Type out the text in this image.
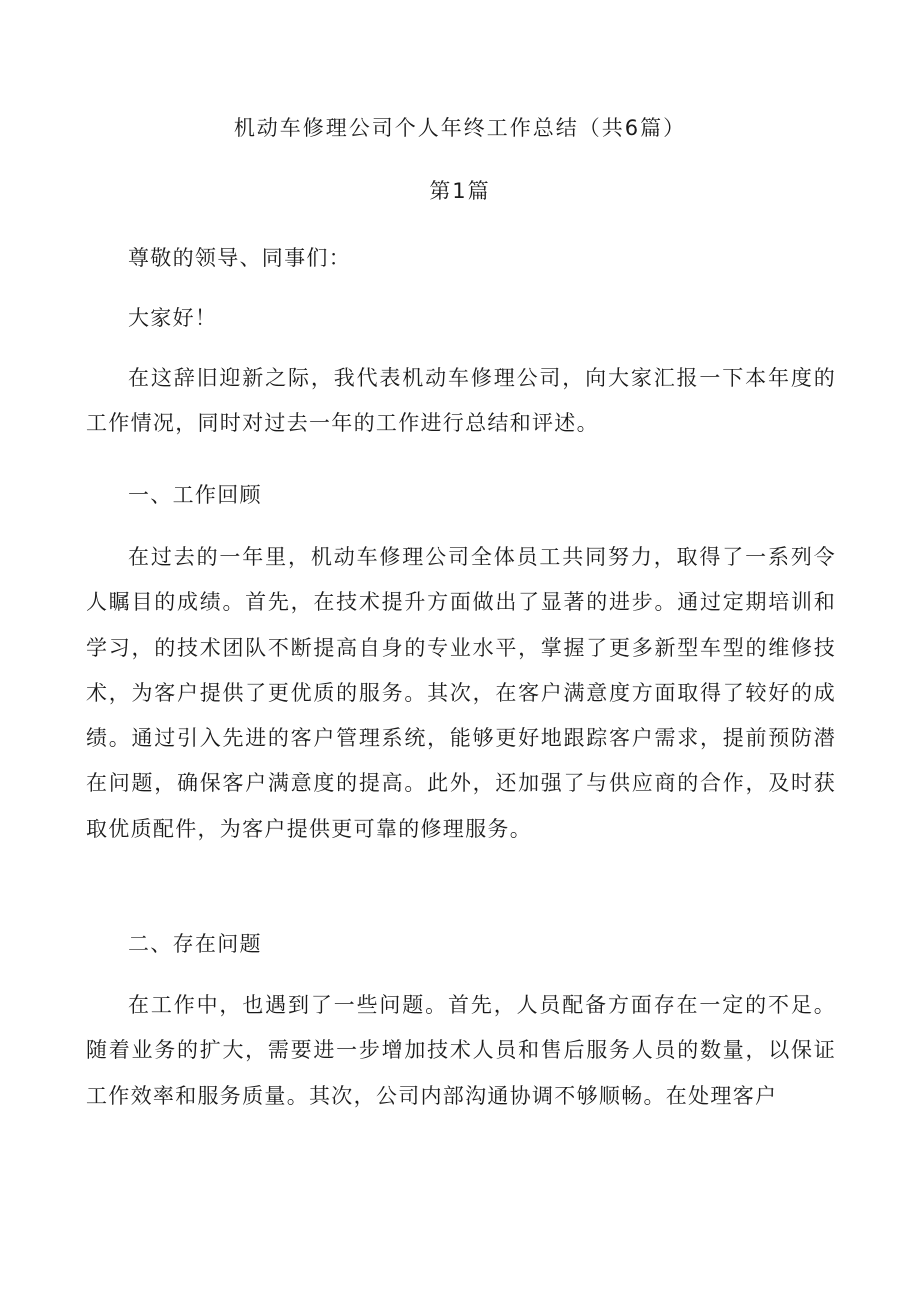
机动车修理公司个人年终工作总结（共6篇）
第1篇

尊敬的领导、同事们：

大家好！

在这辞旧迎新之际，我代表机动车修理公司，向大家汇报一下本年度的工作情况，同时对过去一年的工作进行总结和评述。

一、工作回顾

在过去的一年里，机动车修理公司全体员工共同努力，取得了一系列令人瞩目的成绩。首先，在技术提升方面做出了显著的进步。通过定期培训和学习，的技术团队不断提高自身的专业水平，掌握了更多新型车型的维修技术，为客户提供了更优质的服务。其次，在客户满意度方面取得了较好的成绩。通过引入先进的客户管理系统，能够更好地跟踪客户需求，提前预防潜在问题，确保客户满意度的提高。此外，还加强了与供应商的合作，及时获取优质配件，为客户提供更可靠的修理服务。

二、存在问题

在工作中，也遇到了一些问题。首先，人员配备方面存在一定的不足。随着业务的扩大，需要进一步增加技术人员和售后服务人员的数量，以保证工作效率和服务质量。其次，公司内部沟通协调不够顺畅。在处理客户
